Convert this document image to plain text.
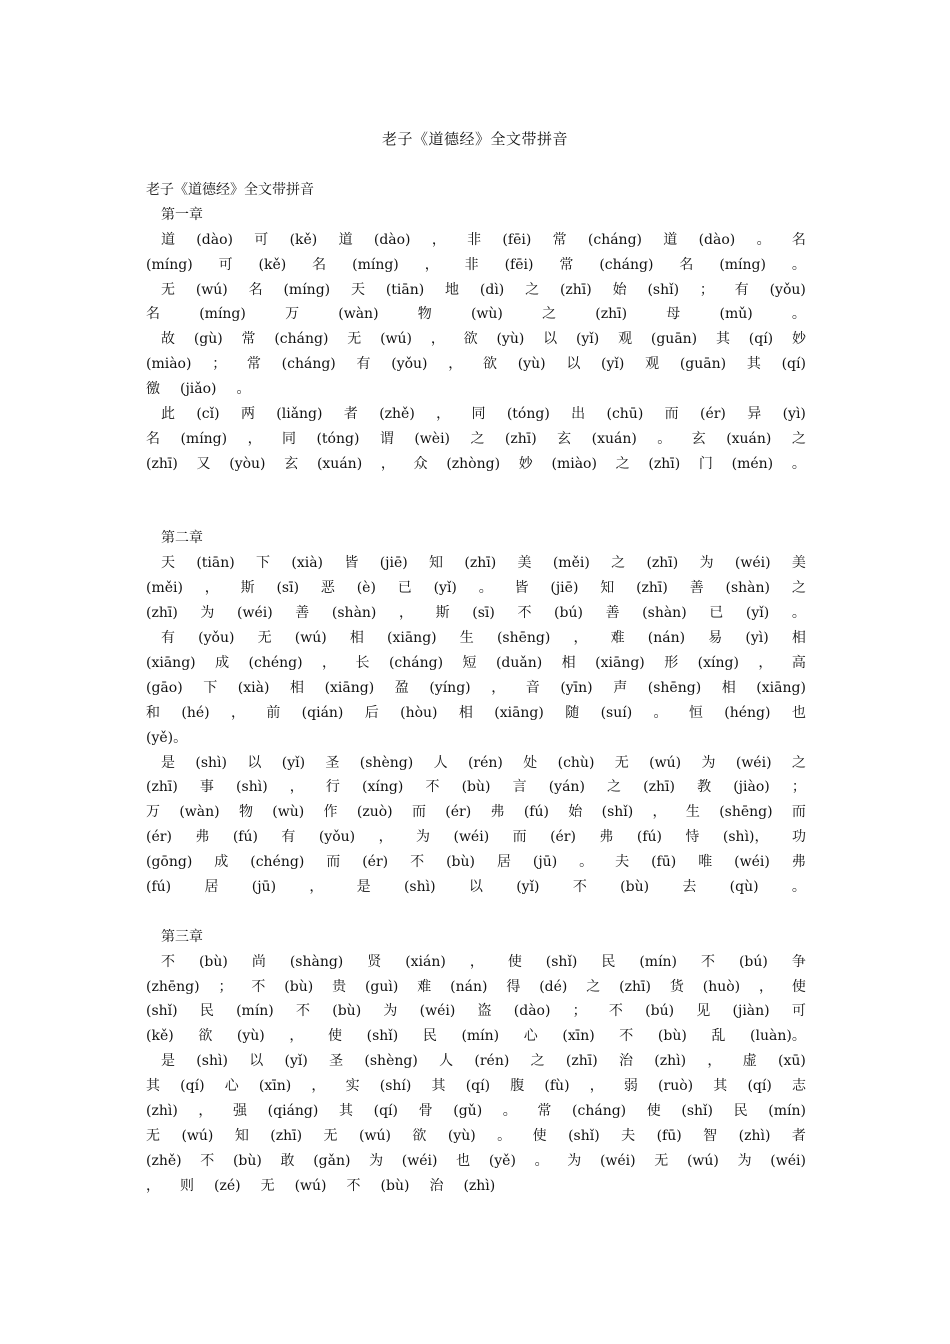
老子《道德经》全文带拼音
老子《道德经》全文带拼音
第一章
道 (dào) 可 (kě) 道 (dào) ， 非 (fēi) 常 (cháng) 道 (dào) 。 名
(míng) 可 (kě) 名 (míng) ， 非 (fēi) 常 (cháng) 名 (míng) 。
无 (wú) 名 (míng) 天 (tiān) 地 (dì) 之 (zhī) 始 (shǐ) ； 有 (yǒu)
名	(míng)	万	(wàn)	物	(wù)	之	(zhī)	母	(mǔ)	。
故 (gù) 常 (cháng) 无 (wú) ， 欲 (yù) 以 (yǐ) 观 (guān) 其 (qí) 妙
(miào) ； 常 (cháng) 有 (yǒu) ， 欲 (yù) 以 (yǐ) 观 (guān) 其 (qí)
徼 (jiǎo) 。
此 (cǐ) 两 (liǎng) 者 (zhě) ， 同 (tóng) 出 (chū) 而 (ér) 异 (yì)
名 (míng) ， 同 (tóng) 谓 (wèi) 之 (zhī) 玄 (xuán) 。 玄 (xuán) 之
(zhī) 又 (yòu) 玄 (xuán) ， 众 (zhòng) 妙 (miào) 之 (zhī) 门 (mén) 。
第二章
天 (tiān) 下 (xià) 皆 (jiē) 知 (zhī) 美 (měi) 之 (zhī) 为 (wéi) 美
(měi) ， 斯 (sī) 恶 (è) 已 (yǐ) 。 皆 (jiē) 知 (zhī) 善 (shàn) 之
(zhī) 为 (wéi) 善 (shàn) ， 斯 (sī) 不 (bú) 善 (shàn) 已 (yǐ) 。
有 (yǒu) 无 (wú) 相 (xiāng) 生 (shēng) ， 难 (nán) 易 (yì) 相
(xiāng) 成 (chéng) ， 长 (cháng) 短 (duǎn) 相 (xiāng) 形 (xíng) ， 高
(gāo) 下 (xià) 相 (xiāng) 盈 (yíng) ， 音 (yīn) 声 (shēng) 相 (xiāng)
和 (hé) ， 前 (qián) 后 (hòu) 相 (xiāng) 随 (suí) 。 恒 (héng) 也
(yě)。
是 (shì) 以 (yǐ) 圣 (shèng) 人 (rén) 处 (chù) 无 (wú) 为 (wéi) 之
(zhī) 事 (shì) ， 行 (xíng) 不 (bù) 言 (yán) 之 (zhī) 教 (jiào) ；
万 (wàn) 物 (wù) 作 (zuò) 而 (ér) 弗 (fú) 始 (shǐ) ， 生 (shēng) 而
(ér) 弗 (fú) 有 (yǒu) ， 为 (wéi) 而 (ér) 弗 (fú) 恃 (shì)， 功
(gōng) 成 (chéng) 而 (ér) 不 (bù) 居 (jū) 。 夫 (fū) 唯 (wéi) 弗
(fú) 居 (jū) ， 是 (shì) 以 (yǐ) 不 (bù) 去 (qù) 。
第三章
不 (bù) 尚 (shàng) 贤 (xián) ， 使 (shǐ) 民 (mín) 不 (bú) 争
(zhēng) ； 不 (bù) 贵 (guì) 难 (nán) 得 (dé) 之 (zhī) 货 (huò) ， 使
(shǐ) 民 (mín) 不 (bù) 为 (wéi) 盗 (dào) ； 不 (bú) 见 (jiàn) 可
(kě) 欲 (yù) ， 使 (shǐ) 民 (mín) 心 (xīn) 不 (bù) 乱 (luàn)。
是 (shì) 以 (yǐ) 圣 (shèng) 人 (rén) 之 (zhī) 治 (zhì) ， 虚 (xū)
其 (qí) 心 (xīn) ， 实 (shí) 其 (qí) 腹 (fù) ， 弱 (ruò) 其 (qí) 志
(zhì) ， 强 (qiáng) 其 (qí) 骨 (gǔ) 。 常 (cháng) 使 (shǐ) 民 (mín)
无 (wú) 知 (zhī) 无 (wú) 欲 (yù) 。 使 (shǐ) 夫 (fū) 智 (zhì) 者
(zhě) 不 (bù) 敢 (gǎn) 为 (wéi) 也 (yě) 。 为 (wéi) 无 (wú) 为 (wéi)
， 则 (zé) 无 (wú) 不 (bù) 治 (zhì)
